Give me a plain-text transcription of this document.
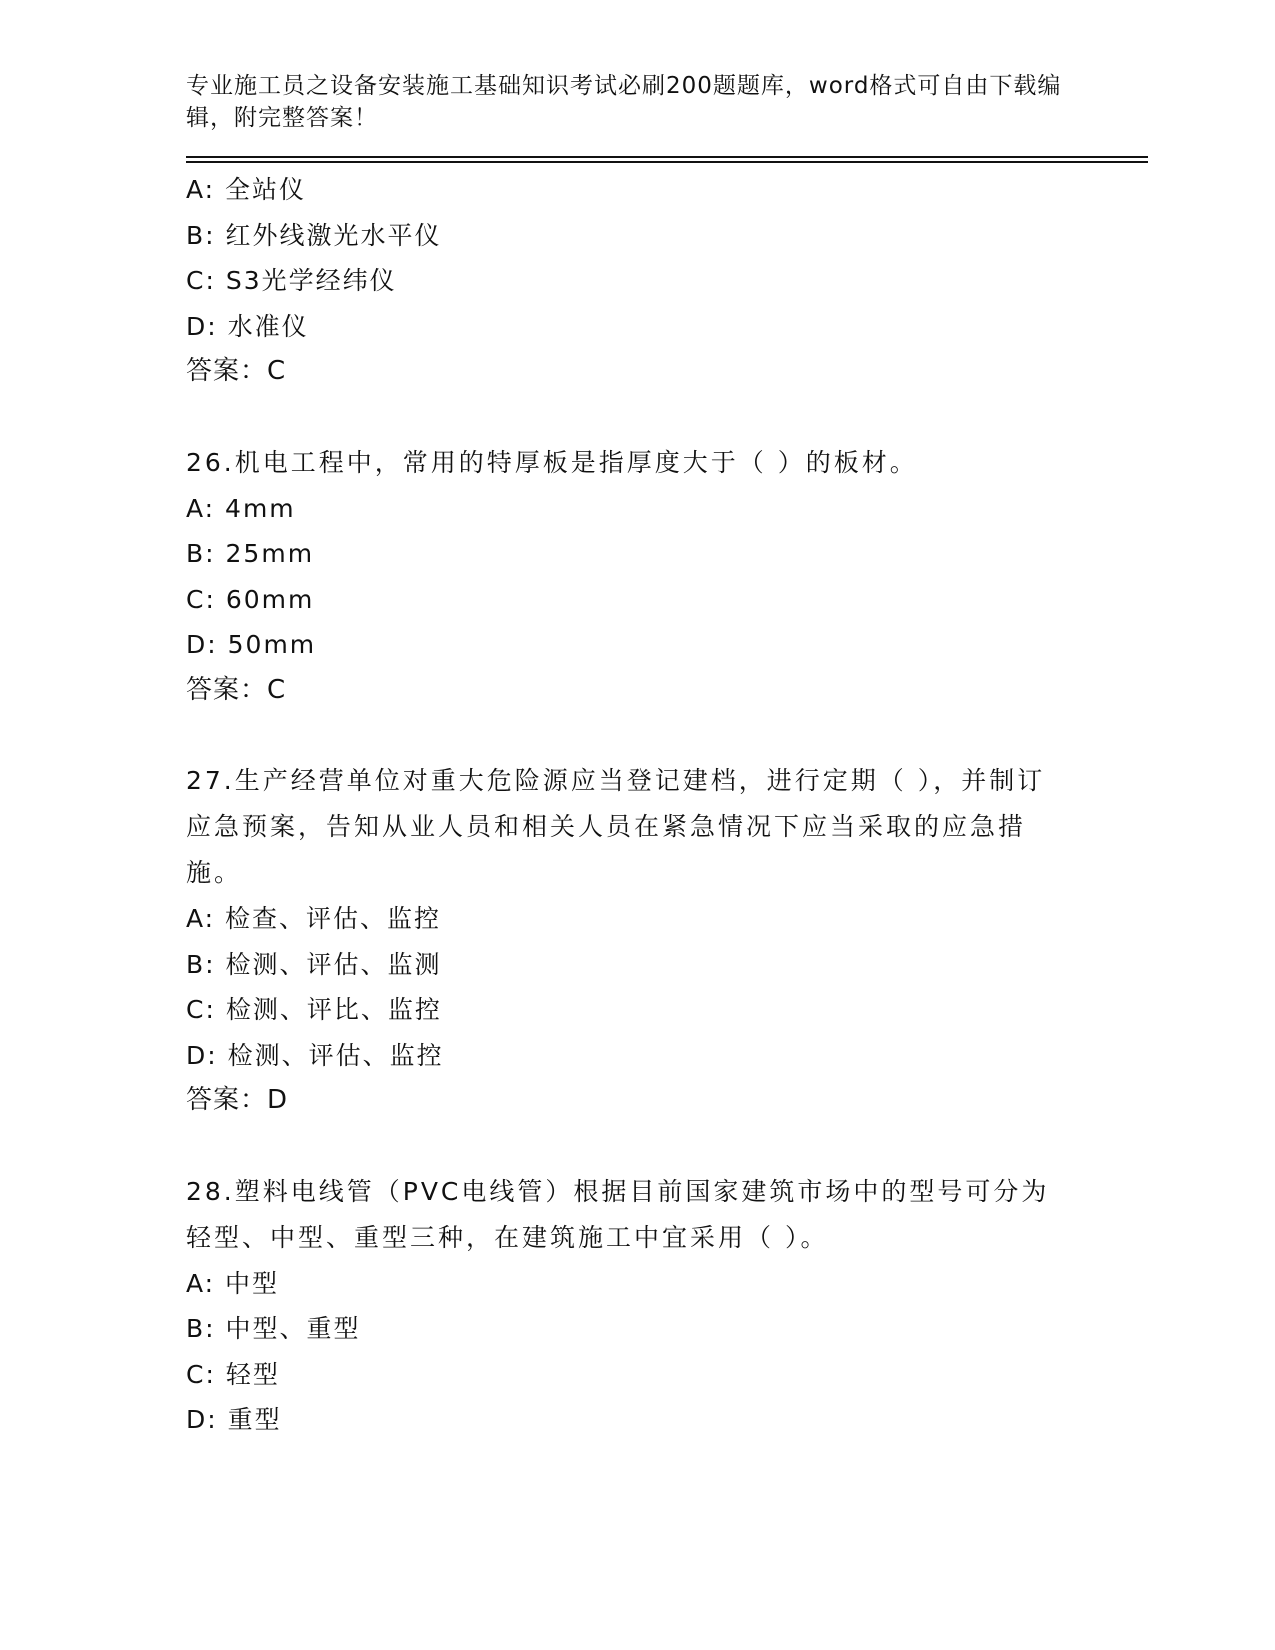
专业施工员之设备安装施工基础知识考试必刷200题题库，word格式可自由下载编辑，附完整答案！

A: 全站仪

B: 红外线激光水平仪

C: S3光学经纬仪

D: 水准仪

答案：C

26.机电工程中，常用的特厚板是指厚度大于（ ）的板材。

A: 4mm

B: 25mm

C: 60mm

D: 50mm

答案：C

27.生产经营单位对重大危险源应当登记建档，进行定期（ ），并制订应急预案，告知从业人员和相关人员在紧急情况下应当采取的应急措施。

A: 检查、评估、监控

B: 检测、评估、监测

C: 检测、评比、监控

D: 检测、评估、监控

答案：D

28.塑料电线管（PVC电线管）根据目前国家建筑市场中的型号可分为轻型、中型、重型三种，在建筑施工中宜采用（ ）。

A: 中型

B: 中型、重型

C: 轻型

D: 重型
